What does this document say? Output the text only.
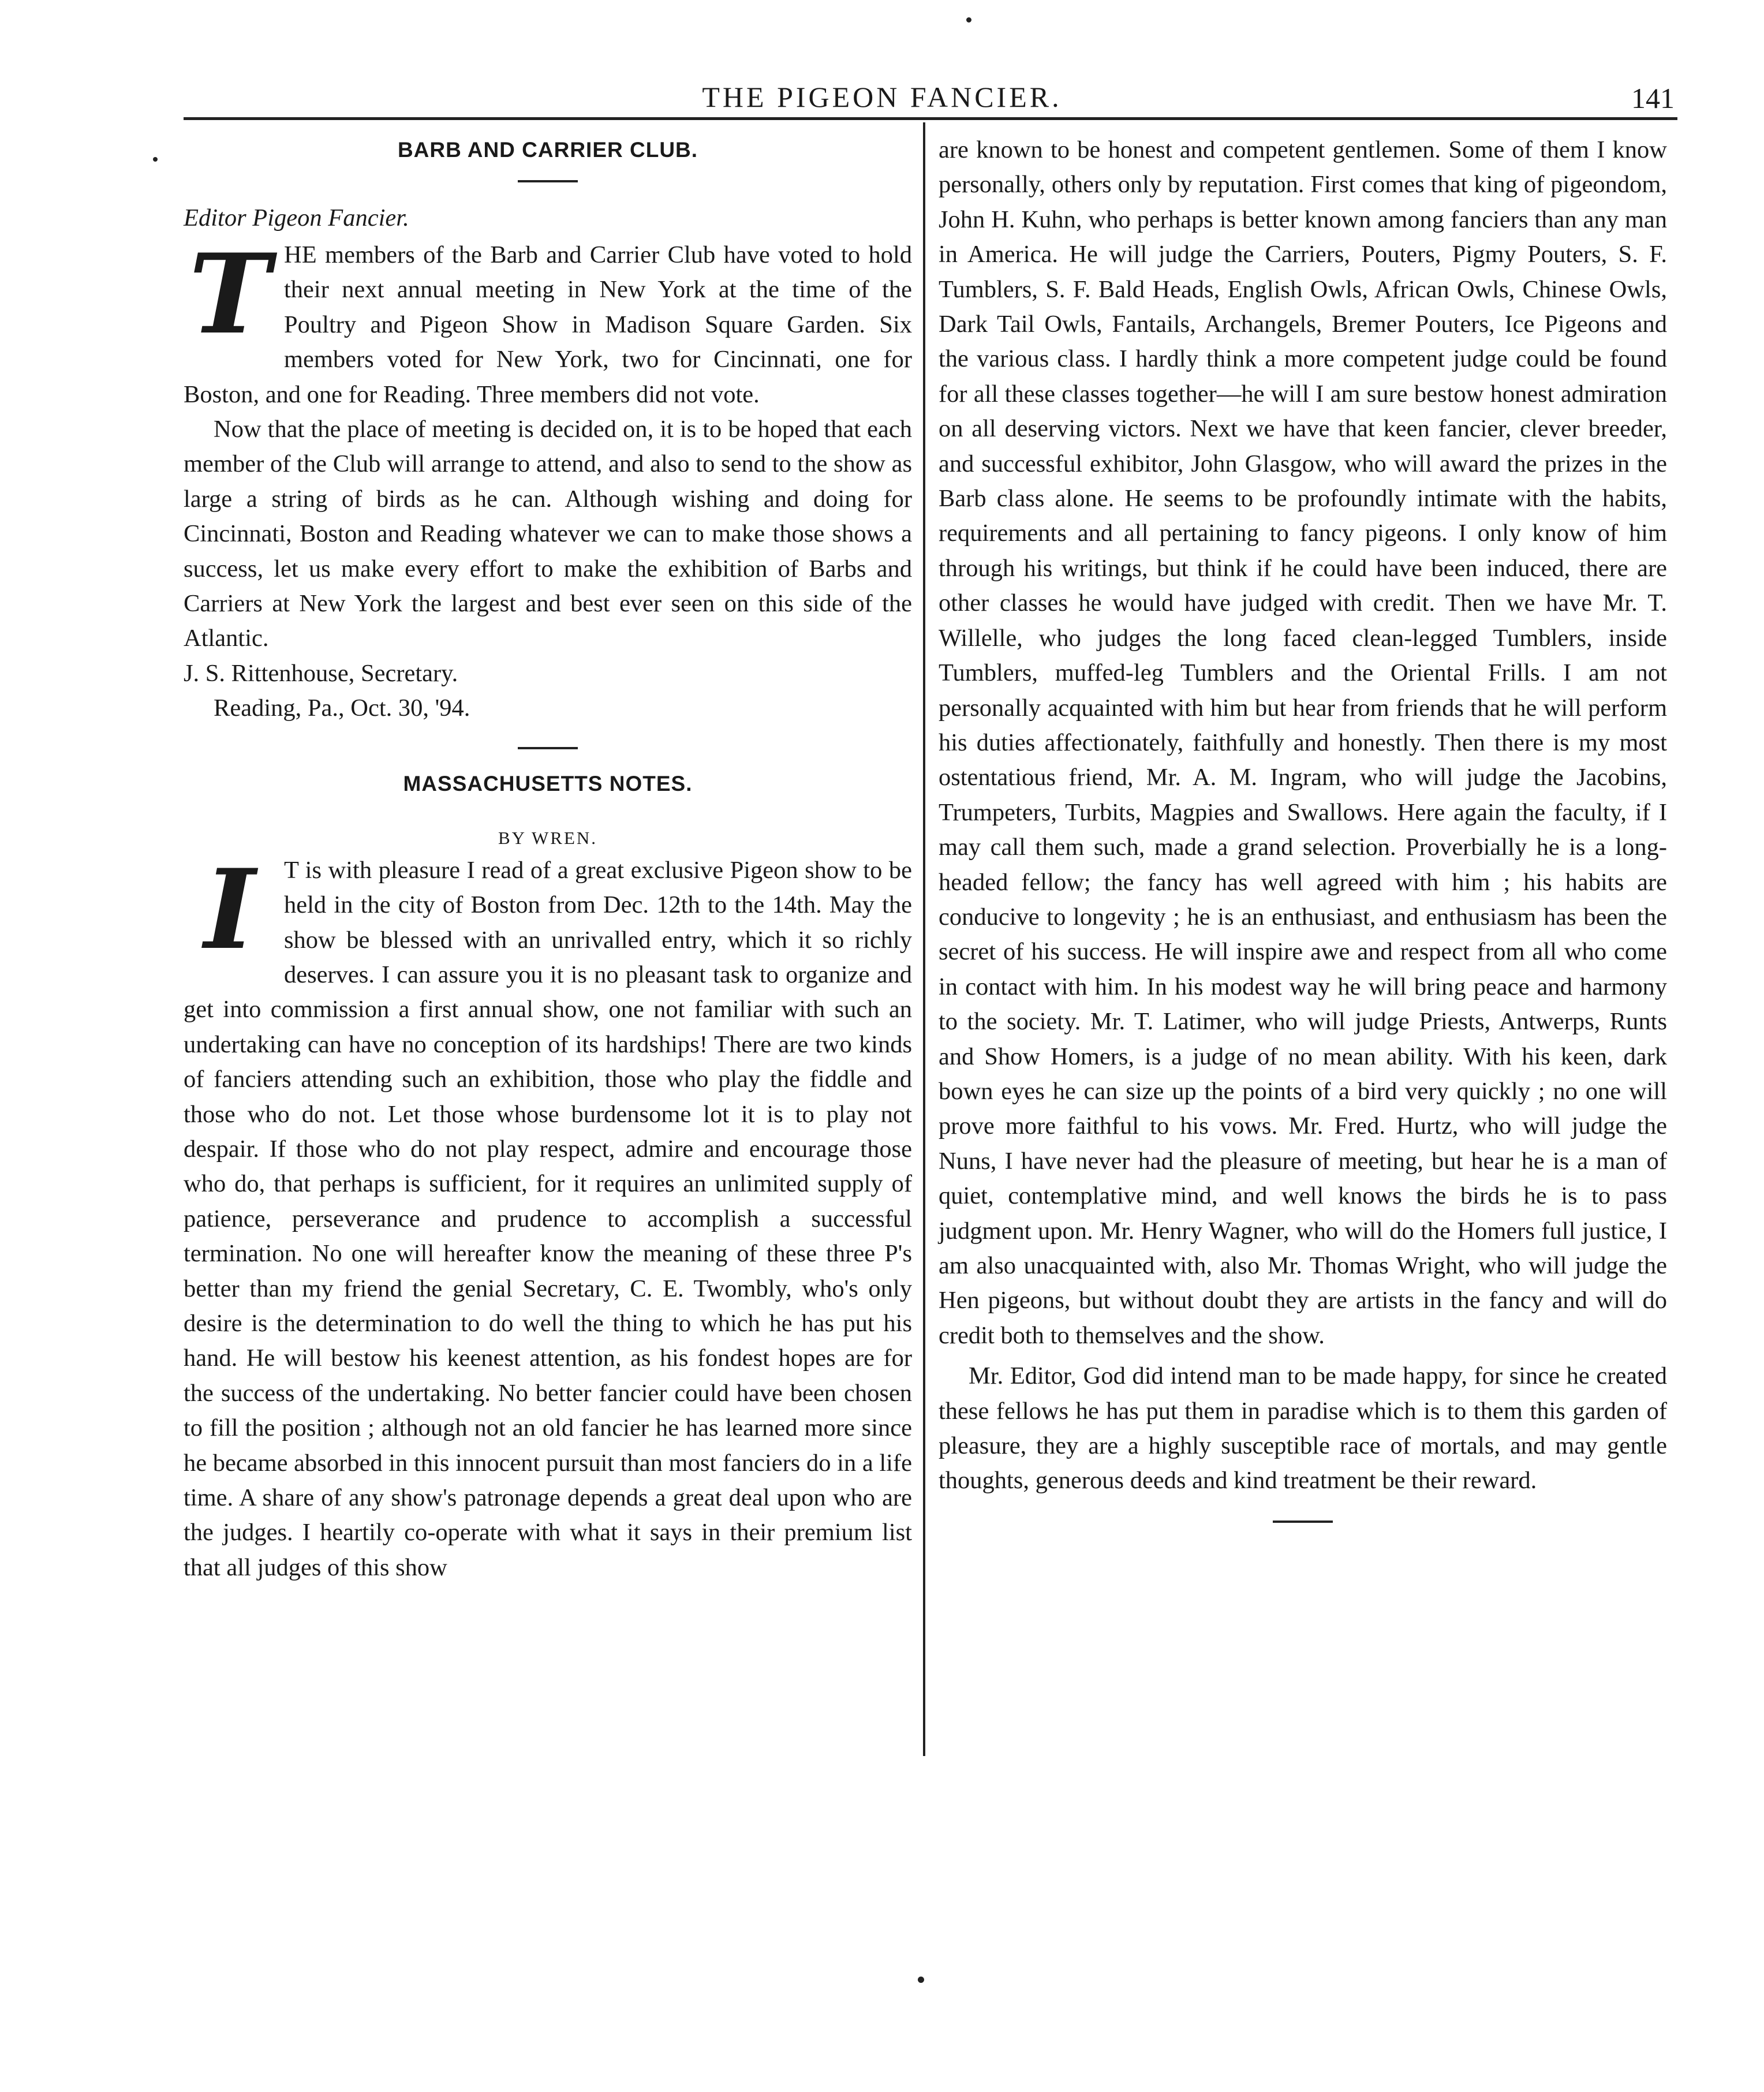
THE PIGEON FANCIER.	141
BARB AND CARRIER CLUB.

Editor Pigeon Fancier.

T HE members of the Barb and Carrier Club have voted to hold their next annual meeting in New York at the time of the Poultry and Pigeon Show in Madison Square Garden. Six members voted for New York, two for Cincinnati, one for Boston, and one for Reading. Three members did not vote.

Now that the place of meeting is decided on, it is to be hoped that each member of the Club will arrange to attend, and also to send to the show as large a string of birds as he can. Although wishing and doing for Cincinnati, Boston and Reading whatever we can to make those shows a success, let us make every effort to make the exhibition of Barbs and Carriers at New York the largest and best ever seen on this side of the Atlantic.

J. S. Rittenhouse, Secretary.

Reading, Pa., Oct. 30, '94.

MASSACHUSETTS NOTES.
BY WREN.
I	T is with pleasure I read of a great exclusive Pigeon show to be held in the city of Boston from Dec. 12th to the 14th. May the show be blessed with an unrivalled entry, which it so richly deserves. I can assure you it is no pleasant task to organize and get into commission a first annual show, one not familiar with such an undertaking can have no conception of its hardships! There are two kinds of fanciers attending such an exhibition, those who play the fiddle and those who do not. Let those whose burdensome lot it is to play not despair. If those who do not play respect, admire and encourage those who do, that perhaps is sufficient, for it requires an unlimited supply of patience, perseverance and prudence to accomplish a successful termination. No one will hereafter know the meaning of these three P's better than my friend the genial Secretary, C. E. Twombly, who's only desire is the determination to do well the thing to which he has put his hand. He will bestow his keenest attention, as his fondest hopes are for the success of the undertaking. No better fancier could have been chosen to fill the position ; although not an old fancier he has learned more since he became absorbed in this innocent pursuit than most fanciers do in a life time. A share of any show's patronage depends a great deal upon who are the judges. I heartily co-operate with what it says in their premium list that all judges of this show

are known to be honest and competent gentlemen. Some of them I know personally, others only by reputation. First comes that king of pigeondom, John H. Kuhn, who perhaps is better known among fanciers than any man in America. He will judge the Carriers, Pouters, Pigmy Pouters, S. F. Tumblers, S. F. Bald Heads, English Owls, African Owls, Chinese Owls, Dark Tail Owls, Fantails, Archangels, Bremer Pouters, Ice Pigeons and the various class. I hardly think a more competent judge could be found for all these classes together—he will I am sure bestow honest admiration on all deserving victors. Next we have that keen fancier, clever breeder, and successful exhibitor, John Glasgow, who will award the prizes in the Barb class alone. He seems to be profoundly intimate with the habits, requirements and all pertaining to fancy pigeons. I only know of him through his writings, but think if he could have been induced, there are other classes he would have judged with credit. Then we have Mr. T. Willelle, who judges the long faced clean-legged Tumblers, inside Tumblers, muffed-leg Tumblers and the Oriental Frills. I am not personally acquainted with him but hear from friends that he will perform his duties affectionately, faithfully and honestly. Then there is my most ostentatious friend, Mr. A. M. Ingram, who will judge the Jacobins, Trumpeters, Turbits, Magpies and Swallows. Here again the faculty, if I may call them such, made a grand selection. Proverbially he is a long-headed fellow; the fancy has well agreed with him ; his habits are conducive to longevity ; he is an enthusiast, and enthusiasm has been the secret of his success. He will inspire awe and respect from all who come in contact with him. In his modest way he will bring peace and harmony to the society. Mr. T. Latimer, who will judge Priests, Antwerps, Runts and Show Homers, is a judge of no mean ability. With his keen, dark bown eyes he can size up the points of a bird very quickly ; no one will prove more faithful to his vows. Mr. Fred. Hurtz, who will judge the Nuns, I have never had the pleasure of meeting, but hear he is a man of quiet, contemplative mind, and well knows the birds he is to pass judgment upon. Mr. Henry Wagner, who will do the Homers full justice, I am also unacquainted with, also Mr. Thomas Wright, who will judge the Hen pigeons, but without doubt they are artists in the fancy and will do credit both to themselves and the show.

Mr. Editor, God did intend man to be made happy, for since he created these fellows he has put them in paradise which is to them this garden of pleasure, they are a highly susceptible race of mortals, and may gentle thoughts, generous deeds and kind treatment be their reward.
